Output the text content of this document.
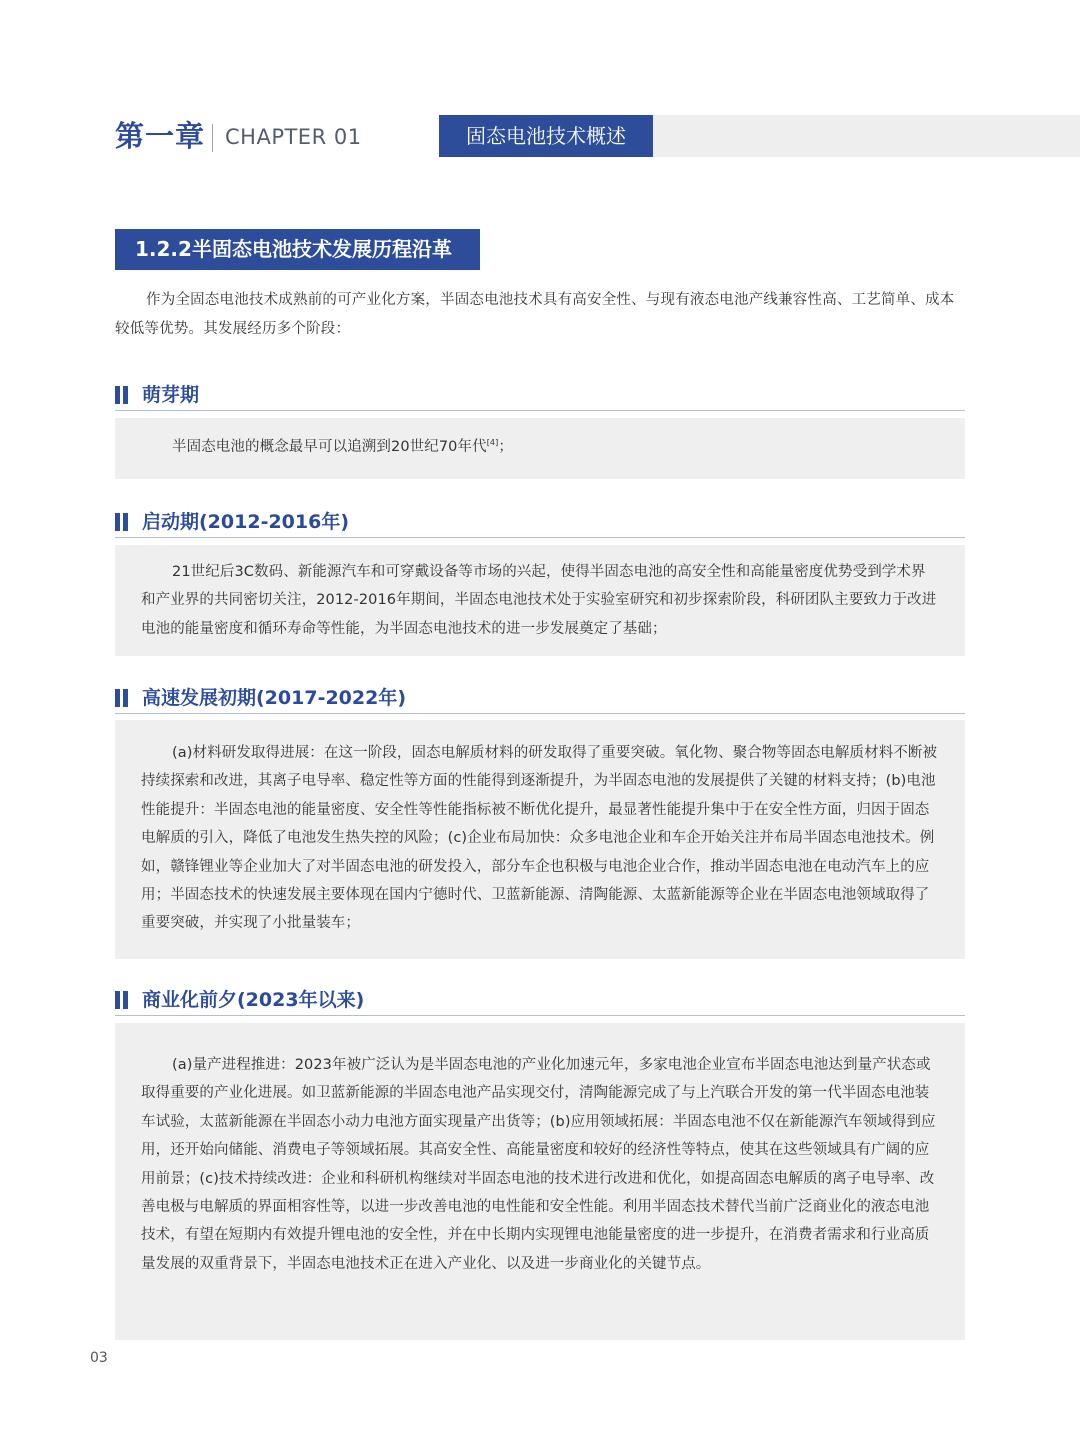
第一章 CHAPTER 01	固态电池技术概述
1.2.2半固态电池技术发展历程沿革
作为全固态电池技术成熟前的可产业化方案，半固态电池技术具有高安全性、与现有液态电池产线兼容性高、工艺简单、成本较低等优势。其发展经历多个阶段：
萌芽期

半固态电池的概念最早可以追溯到20世纪70年代[4]；

启动期(2012-2016年)

21世纪后3C数码、新能源汽车和可穿戴设备等市场的兴起，使得半固态电池的高安全性和高能量密度优势受到学术界和产业界的共同密切关注，2012-2016年期间，半固态电池技术处于实验室研究和初步探索阶段，科研团队主要致力于改进电池的能量密度和循环寿命等性能，为半固态电池技术的进一步发展奠定了基础；

高速发展初期(2017-2022年)

(a)材料研发取得进展：在这一阶段，固态电解质材料的研发取得了重要突破。氧化物、聚合物等固态电解质材料不断被持续探索和改进，其离子电导率、稳定性等方面的性能得到逐渐提升，为半固态电池的发展提供了关键的材料支持；(b)电池性能提升：半固态电池的能量密度、安全性等性能指标被不断优化提升，最显著性能提升集中于在安全性方面，归因于固态电解质的引入，降低了电池发生热失控的风险；(c)企业布局加快：众多电池企业和车企开始关注并布局半固态电池技术。例如，赣锋锂业等企业加大了对半固态电池的研发投入，部分车企也积极与电池企业合作，推动半固态电池在电动汽车上的应用；半固态技术的快速发展主要体现在国内宁德时代、卫蓝新能源、清陶能源、太蓝新能源等企业在半固态电池领域取得了重要突破，并实现了小批量装车；

商业化前夕(2023年以来)

(a)量产进程推进：2023年被广泛认为是半固态电池的产业化加速元年，多家电池企业宣布半固态电池达到量产状态或取得重要的产业化进展。如卫蓝新能源的半固态电池产品实现交付，清陶能源完成了与上汽联合开发的第一代半固态电池装车试验，太蓝新能源在半固态小动力电池方面实现量产出货等；(b)应用领域拓展：半固态电池不仅在新能源汽车领域得到应用，还开始向储能、消费电子等领域拓展。其高安全性、高能量密度和较好的经济性等特点，使其在这些领域具有广阔的应用前景；(c)技术持续改进：企业和科研机构继续对半固态电池的技术进行改进和优化，如提高固态电解质的离子电导率、改善电极与电解质的界面相容性等，以进一步改善电池的电性能和安全性能。利用半固态技术替代当前广泛商业化的液态电池技术，有望在短期内有效提升锂电池的安全性，并在中长期内实现锂电池能量密度的进一步提升，在消费者需求和行业高质量发展的双重背景下，半固态电池技术正在进入产业化、以及进一步商业化的关键节点。

03
